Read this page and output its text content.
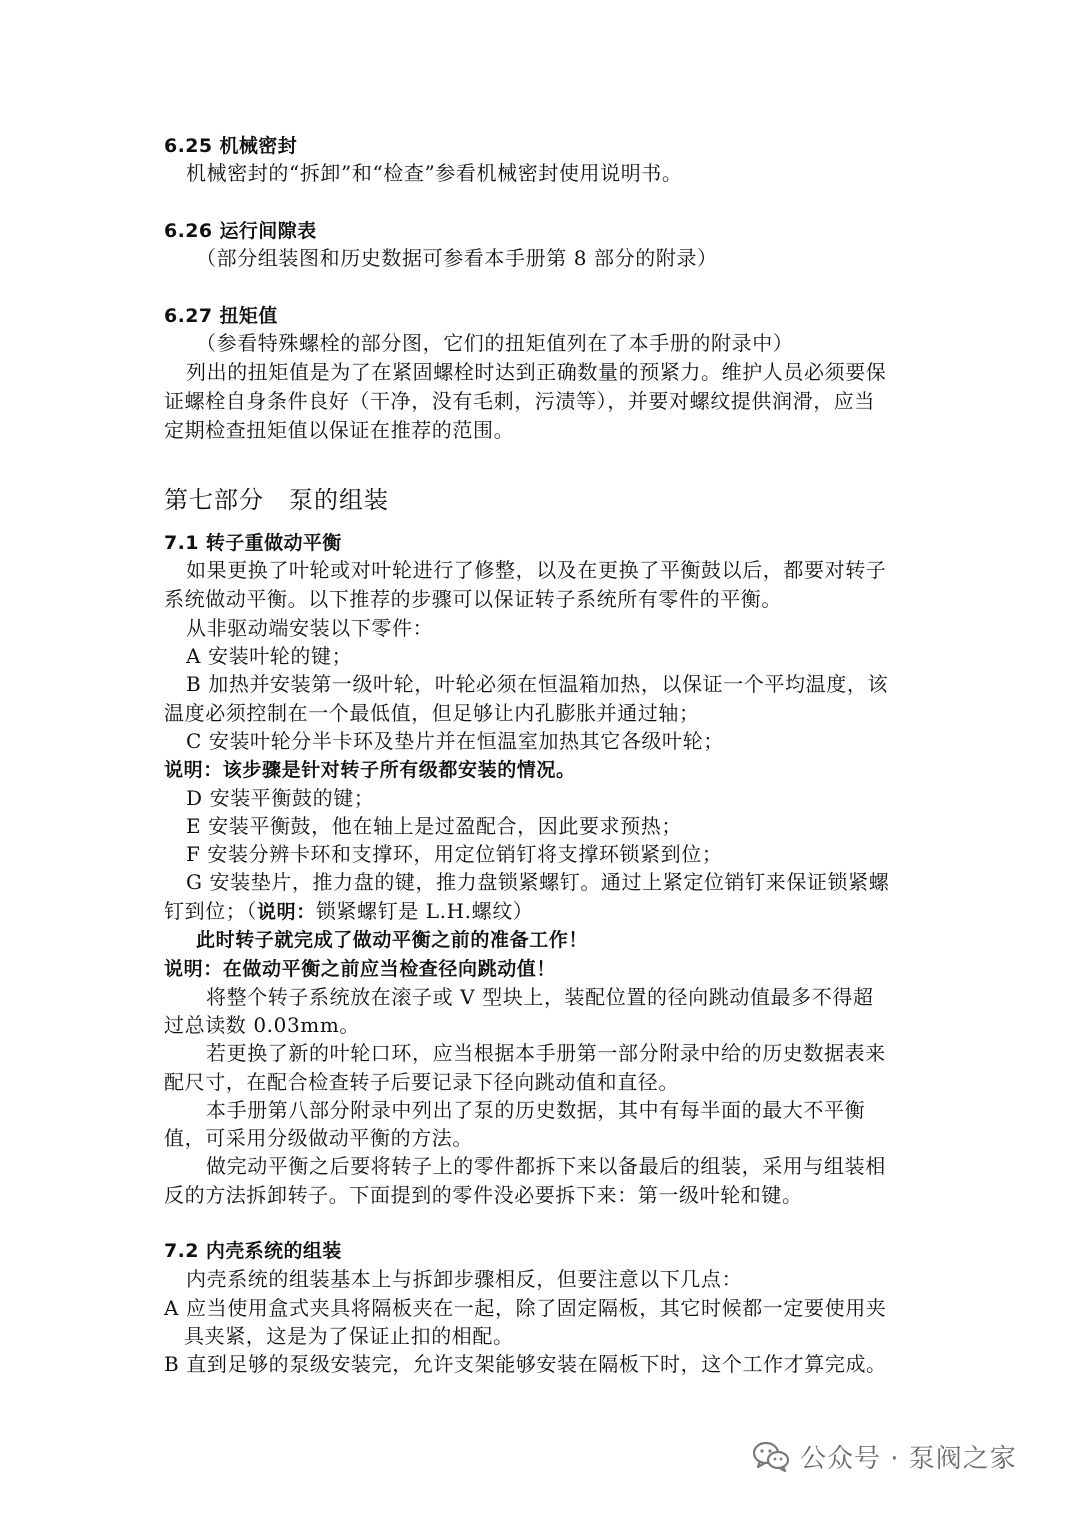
6.25 机械密封
机械密封的“拆卸”和“检查”参看机械密封使用说明书。
6.26 运行间隙表
（部分组装图和历史数据可参看本手册第 8 部分的附录）
6.27 扭矩值
（参看特殊螺栓的部分图，它们的扭矩值列在了本手册的附录中）
列出的扭矩值是为了在紧固螺栓时达到正确数量的预紧力。维护人员必须要保
证螺栓自身条件良好（干净，没有毛刺，污渍等），并要对螺纹提供润滑，应当
定期检查扭矩值以保证在推荐的范围。
第七部分　泵的组装
7.1 转子重做动平衡
如果更换了叶轮或对叶轮进行了修整，以及在更换了平衡鼓以后，都要对转子
系统做动平衡。以下推荐的步骤可以保证转子系统所有零件的平衡。
从非驱动端安装以下零件：
A 安装叶轮的键；
B 加热并安装第一级叶轮，叶轮必须在恒温箱加热，以保证一个平均温度，该
温度必须控制在一个最低值，但足够让内孔膨胀并通过轴；
C 安装叶轮分半卡环及垫片并在恒温室加热其它各级叶轮；
说明：该步骤是针对转子所有级都安装的情况。
D 安装平衡鼓的键；
E 安装平衡鼓，他在轴上是过盈配合，因此要求预热；
F 安装分辨卡环和支撑环，用定位销钉将支撑环锁紧到位；
G 安装垫片，推力盘的键，推力盘锁紧螺钉。通过上紧定位销钉来保证锁紧螺
钉到位；（说明：锁紧螺钉是 L.H.螺纹）
此时转子就完成了做动平衡之前的准备工作！
说明：在做动平衡之前应当检查径向跳动值！
将整个转子系统放在滚子或 V 型块上，装配位置的径向跳动值最多不得超
过总读数 0.03mm。
若更换了新的叶轮口环，应当根据本手册第一部分附录中给的历史数据表来
配尺寸，在配合检查转子后要记录下径向跳动值和直径。
本手册第八部分附录中列出了泵的历史数据，其中有每半面的最大不平衡
值，可采用分级做动平衡的方法。
做完动平衡之后要将转子上的零件都拆下来以备最后的组装，采用与组装相
反的方法拆卸转子。下面提到的零件没必要拆下来：第一级叶轮和键。
7.2 内壳系统的组装
内壳系统的组装基本上与拆卸步骤相反，但要注意以下几点：
A 应当使用盒式夹具将隔板夹在一起，除了固定隔板，其它时候都一定要使用夹
具夹紧，这是为了保证止扣的相配。
B 直到足够的泵级安装完，允许支架能够安装在隔板下时，这个工作才算完成。
公众号 · 泵阀之家
